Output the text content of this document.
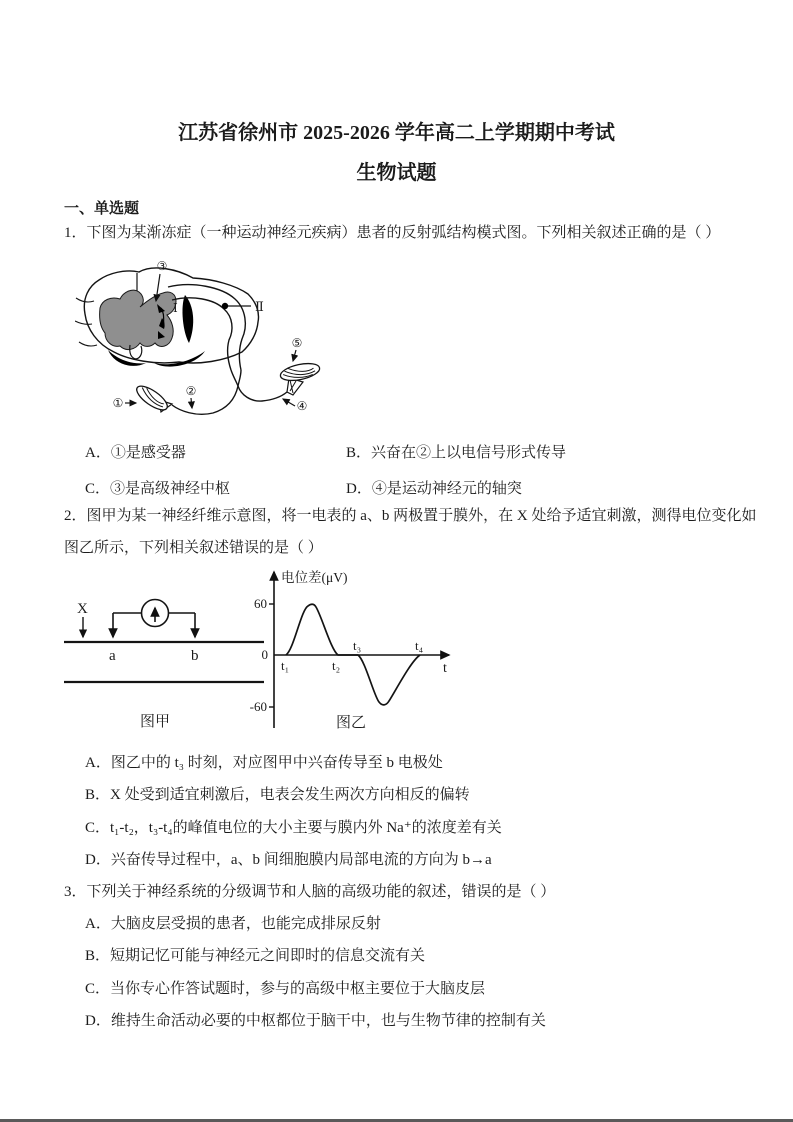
江苏省徐州市 2025-2026 学年高二上学期期中考试
生物试题
一、单选题
1．下图为某渐冻症（一种运动神经元疾病）患者的反射弧结构模式图。下列相关叙述正确的是（ ）
Ⅱ
Ⅰ
③
⑤
④
①
②
A．①是感受器	B．兴奋在②上以电信号形式传导
C．③是高级神经中枢	D．④是运动神经元的轴突
2．图甲为某一神经纤维示意图，将一电表的 a、b 两极置于膜外，在 X 处给予适宜刺激，测得电位变化如
图乙所示，下列相关叙述错误的是（ ）
X
a	b
图甲
电位差(μV)
60
0
-60
t₁	t₂
t₃	t₄
t
图乙
A．图乙中的 t₃ 时刻，对应图甲中兴奋传导至 b 电极处
B．X 处受到适宜刺激后，电表会发生两次方向相反的偏转
C．t₁-t₂，t₃-t₄的峰值电位的大小主要与膜内外 Na⁺的浓度差有关
D．兴奋传导过程中，a、b 间细胞膜内局部电流的方向为 b→a
3．下列关于神经系统的分级调节和人脑的高级功能的叙述，错误的是（ ）
A．大脑皮层受损的患者，也能完成排尿反射
B．短期记忆可能与神经元之间即时的信息交流有关
C．当你专心作答试题时，参与的高级中枢主要位于大脑皮层
D．维持生命活动必要的中枢都位于脑干中，也与生物节律的控制有关
